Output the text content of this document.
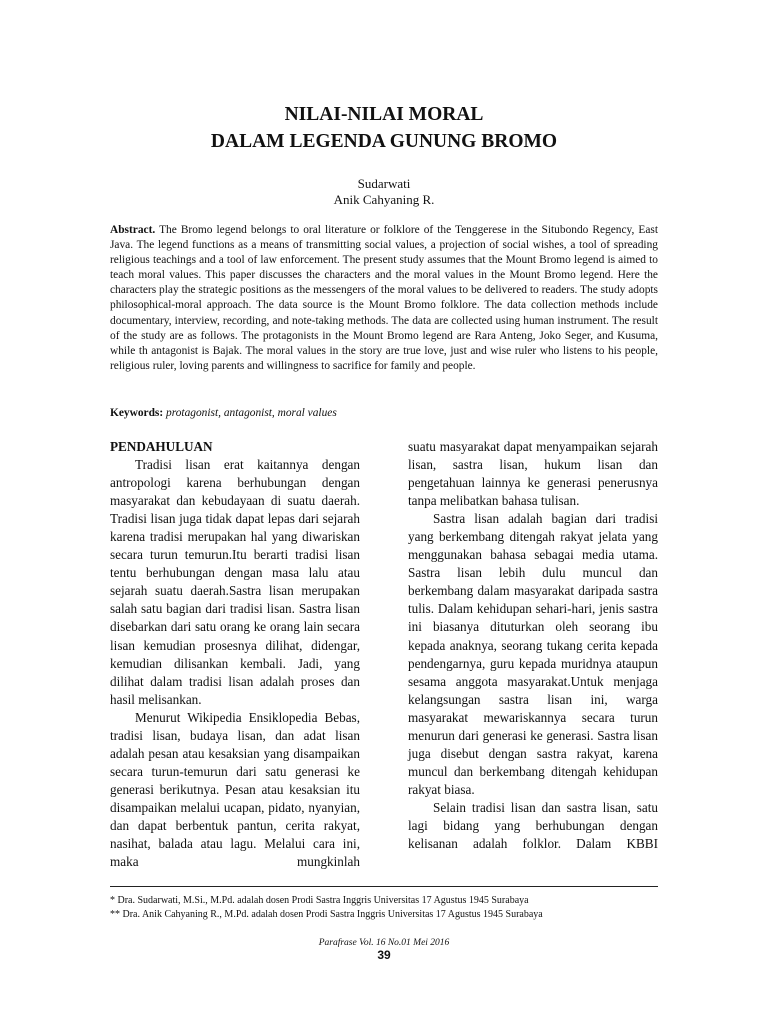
NILAI-NILAI MORAL
DALAM LEGENDA GUNUNG BROMO
Sudarwati
Anik Cahyaning R.
Abstract. The Bromo legend belongs to oral literature or folklore of the Tenggerese in the Situbondo Regency, East Java. The legend functions as a means of transmitting social values, a projection of social wishes, a tool of spreading religious teachings and a tool of law enforcement. The present study assumes that the Mount Bromo legend is aimed to teach moral values. This paper discusses the characters and the moral values in the Mount Bromo legend. Here the characters play the strategic positions as the messengers of the moral values to be delivered to readers. The study adopts philosophical-moral approach. The data source is the Mount Bromo folklore. The data collection methods include documentary, interview, recording, and note-taking methods. The data are collected using human instrument. The result of the study are as follows. The protagonists in the Mount Bromo legend are Rara Anteng, Joko Seger, and Kusuma, while th antagonist is Bajak. The moral values in the story are true love, just and wise ruler who listens to his people, religious ruler, loving parents and willingness to sacrifice for family and people.
Keywords: protagonist, antagonist, moral values
PENDAHULUAN

Tradisi lisan erat kaitannya dengan antropologi karena berhubungan dengan masyarakat dan kebudayaan di suatu daerah. Tradisi lisan juga tidak dapat lepas dari sejarah karena tradisi merupakan hal yang diwariskan secara turun temurun.Itu berarti tradisi lisan tentu berhubungan dengan masa lalu atau sejarah suatu daerah.Sastra lisan merupakan salah satu bagian dari tradisi lisan. Sastra lisan disebarkan dari satu orang ke orang lain secara lisan kemudian prosesnya dilihat, didengar, kemudian dilisankan kembali. Jadi, yang dilihat dalam tradisi lisan adalah proses dan hasil melisankan.

Menurut Wikipedia Ensiklopedia Bebas, tradisi lisan, budaya lisan, dan adat lisan adalah pesan atau kesaksian yang disampaikan secara turun-temurun dari satu generasi ke generasi berikutnya. Pesan atau kesaksian itu disampaikan melalui ucapan, pidato, nyanyian, dan dapat berbentuk pantun, cerita rakyat, nasihat, balada atau lagu. Melalui cara ini, maka mungkinlah

suatu masyarakat dapat menyampaikan sejarah lisan, sastra lisan, hukum lisan dan pengetahuan lainnya ke generasi penerusnya tanpa melibatkan bahasa tulisan.

Sastra lisan adalah bagian dari tradisi yang berkembang ditengah rakyat jelata yang menggunakan bahasa sebagai media utama. Sastra lisan lebih dulu muncul dan berkembang dalam masyarakat daripada sastra tulis. Dalam kehidupan sehari-hari, jenis sastra ini biasanya dituturkan oleh seorang ibu kepada anaknya, seorang tukang cerita kepada pendengarnya, guru kepada muridnya ataupun sesama anggota masyarakat.Untuk menjaga kelangsungan sastra lisan ini, warga masyarakat mewariskannya secara turun menurun dari generasi ke generasi. Sastra lisan juga disebut dengan sastra rakyat, karena muncul dan berkembang ditengah kehidupan rakyat biasa.

Selain tradisi lisan dan sastra lisan, satu lagi bidang yang berhubungan dengan kelisanan adalah folklor. Dalam KBBI

* Dra. Sudarwati, M.Si., M.Pd. adalah dosen Prodi Sastra Inggris Universitas 17 Agustus 1945 Surabaya
** Dra. Anik Cahyaning R., M.Pd. adalah dosen Prodi Sastra Inggris Universitas 17 Agustus 1945 Surabaya
Parafrase Vol. 16 No.01 Mei 2016
39
